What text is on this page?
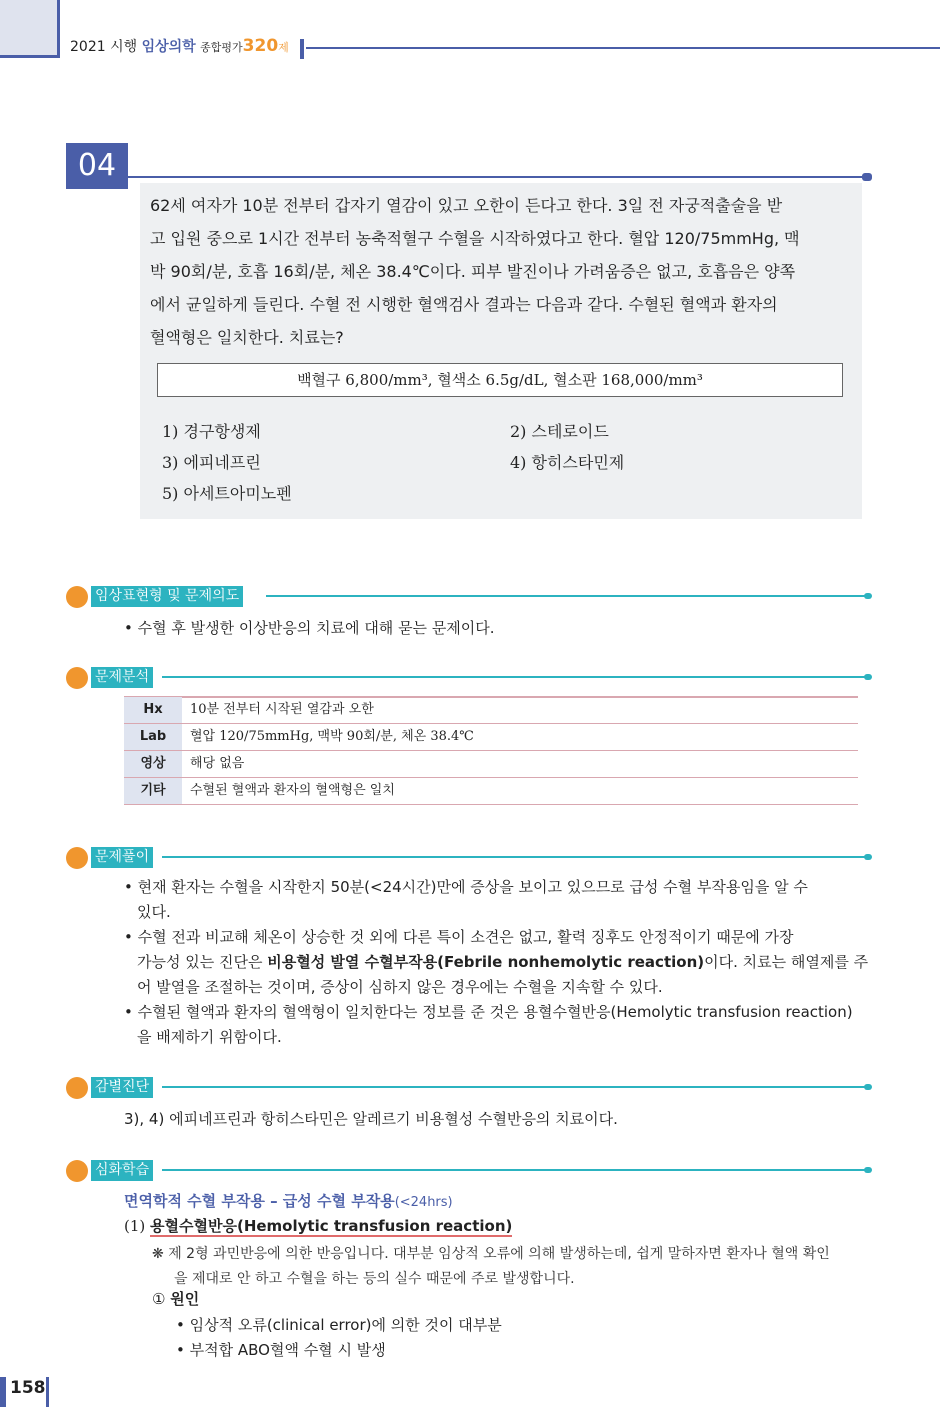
2021 시행 임상의학 종합평가320제
04
62세 여자가 10분 전부터 갑자기 열감이 있고 오한이 든다고 한다. 3일 전 자궁적출술을 받
고 입원 중으로 1시간 전부터 농축적혈구 수혈을 시작하였다고 한다. 혈압 120/75mmHg, 맥
박 90회/분, 호흡 16회/분, 체온 38.4℃이다. 피부 발진이나 가려움증은 없고, 호흡음은 양쪽
에서 균일하게 들린다. 수혈 전 시행한 혈액검사 결과는 다음과 같다. 수혈된 혈액과 환자의
혈액형은 일치한다. 치료는?
백혈구 6,800/mm³, 혈색소 6.5g/dL, 혈소판 168,000/mm³
1) 경구항생제	2) 스테로이드
3) 에피네프린	4) 항히스타민제
5) 아세트아미노펜
임상표현형 및 문제의도
• 수혈 후 발생한 이상반응의 치료에 대해 묻는 문제이다.
문제분석
Hx	10분 전부터 시작된 열감과 오한
Lab	혈압 120/75mmHg, 맥박 90회/분, 체온 38.4℃
영상	해당 없음
기타	수혈된 혈액과 환자의 혈액형은 일치
문제풀이
• 현재 환자는 수혈을 시작한지 50분(<24시간)만에 증상을 보이고 있으므로 급성 수혈 부작용임을 알 수
있다.
• 수혈 전과 비교해 체온이 상승한 것 외에 다른 특이 소견은 없고, 활력 징후도 안정적이기 때문에 가장
가능성 있는 진단은 비용혈성 발열 수혈부작용(Febrile nonhemolytic reaction)이다. 치료는 해열제를 주
어 발열을 조절하는 것이며, 증상이 심하지 않은 경우에는 수혈을 지속할 수 있다.
• 수혈된 혈액과 환자의 혈액형이 일치한다는 정보를 준 것은 용혈수혈반응(Hemolytic transfusion reaction)
을 배제하기 위함이다.
감별진단
3), 4) 에피네프린과 항히스타민은 알레르기 비용혈성 수혈반응의 치료이다.
심화학습
면역학적 수혈 부작용 – 급성 수혈 부작용(<24hrs)
(1) 용혈수혈반응(Hemolytic transfusion reaction)
❋ 제 2형 과민반응에 의한 반응입니다. 대부분 임상적 오류에 의해 발생하는데, 쉽게 말하자면 환자나 혈액 확인
을 제대로 안 하고 수혈을 하는 등의 실수 때문에 주로 발생합니다.
① 원인
• 임상적 오류(clinical error)에 의한 것이 대부분
• 부적합 ABO혈액 수혈 시 발생
158
